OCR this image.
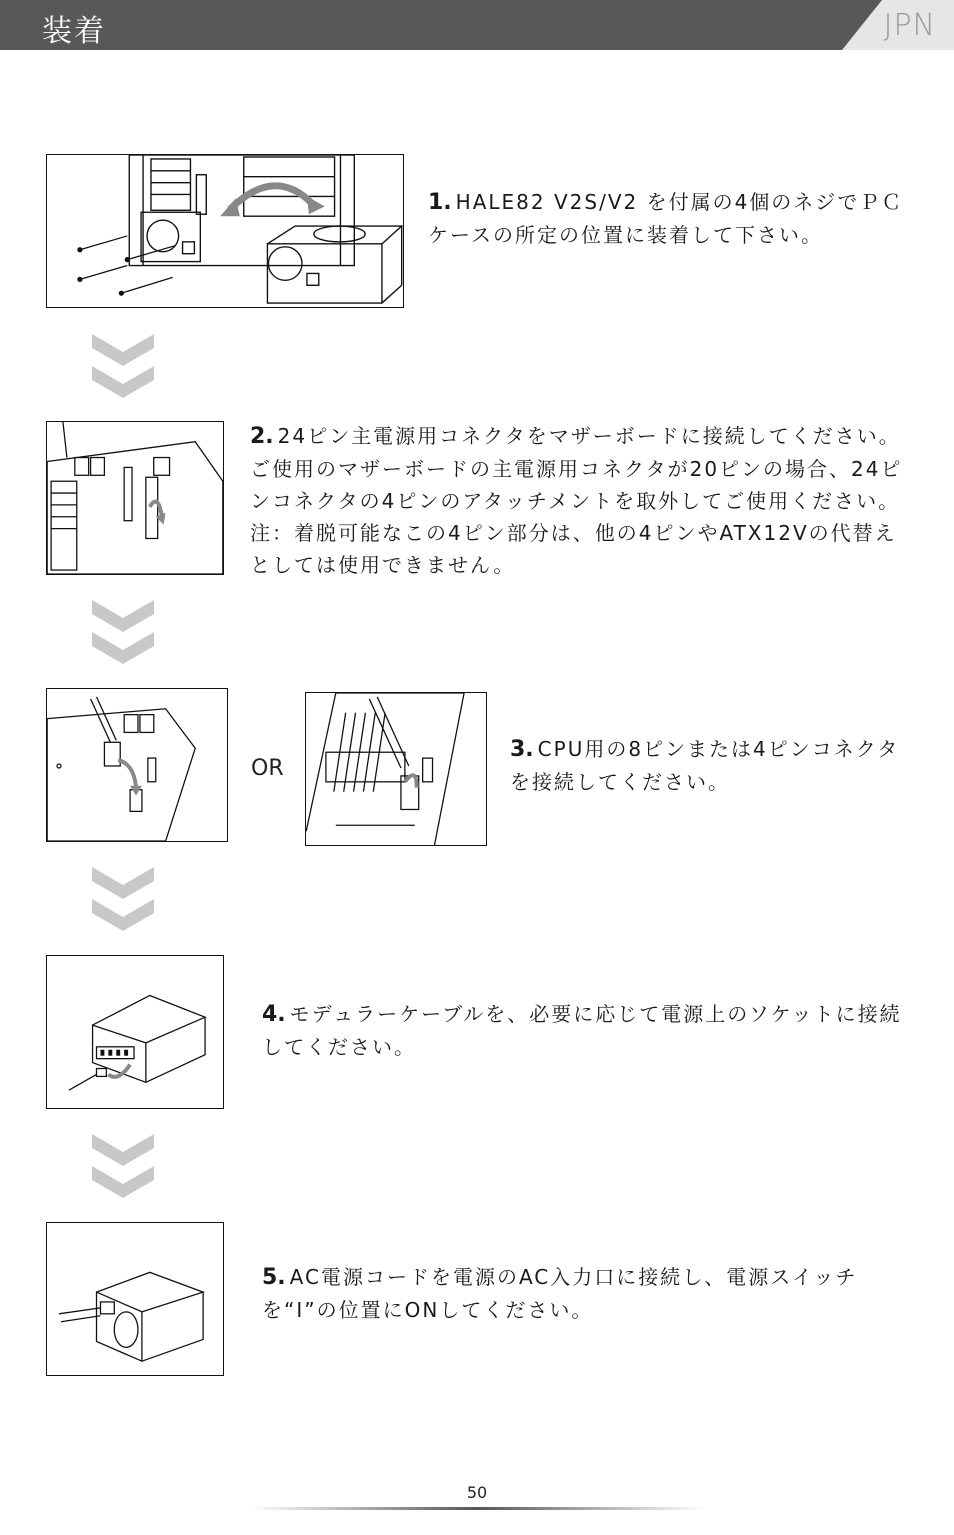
装着	JPN

1. HALE82 V2S/V2 を付属の4個のネジでＰＣケースの所定の位置に装着して下さい。

2. 24ピン主電源用コネクタをマザーボードに接続してください。ご使用のマザーボードの主電源用コネクタが20ピンの場合、24ピンコネクタの4ピンのアタッチメントを取外してご使用ください。

注：着脱可能なこの4ピン部分は、他の4ピンやATX12Vの代替えとしては使用できません。

OR

3. CPU用の8ピンまたは4ピンコネクタを接続してください。

4. モデュラーケーブルを、必要に応じて電源上のソケットに接続してください。

5. AC電源コードを電源のAC入力口に接続し、電源スイッチを“I”の位置にONしてください。

50
